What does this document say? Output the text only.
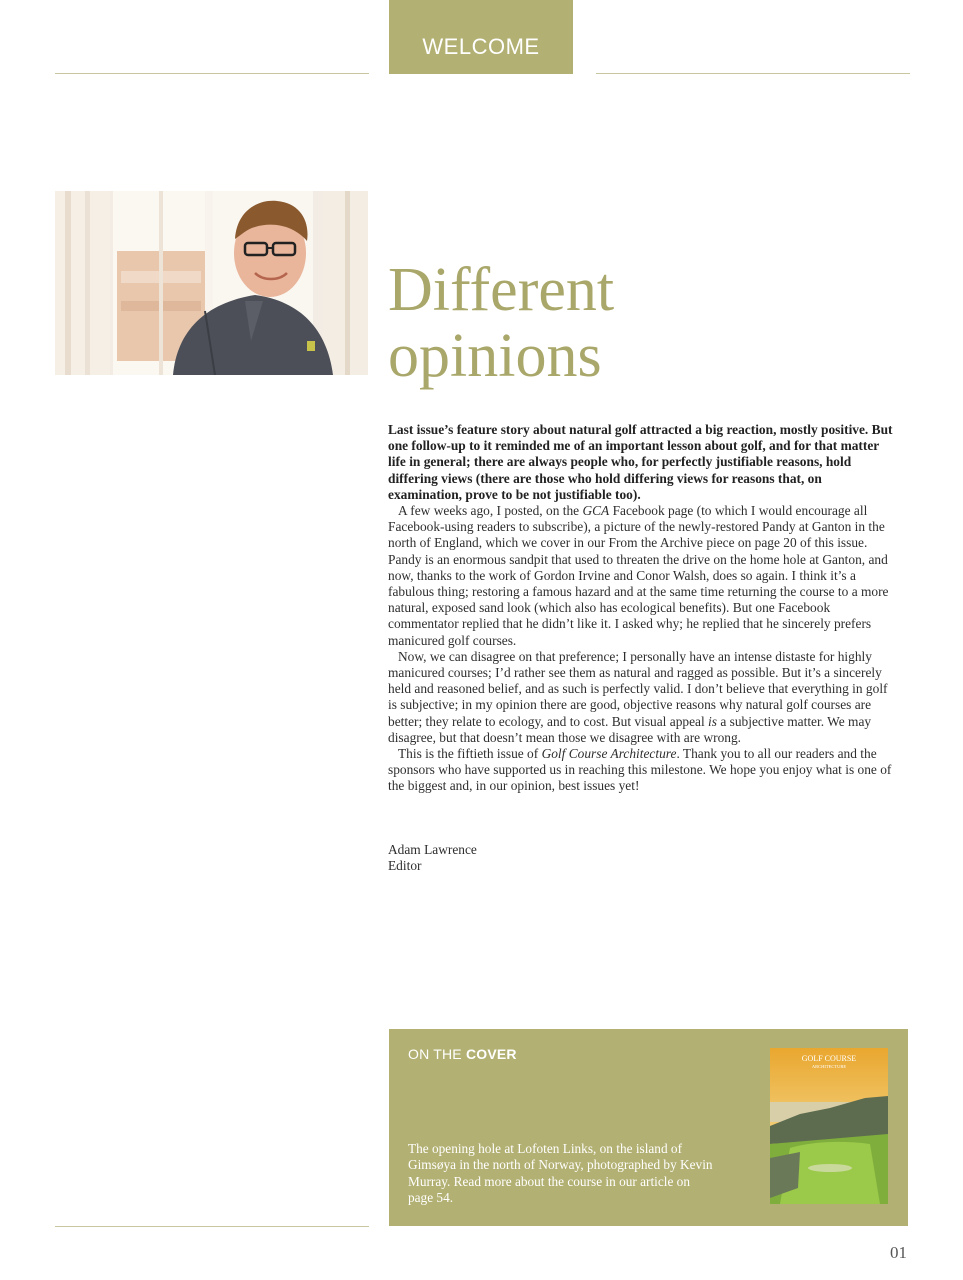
WELCOME
Different
opinions

Last issue’s feature story about natural golf attracted a big reaction, mostly positive. But one follow-up to it reminded me of an important lesson about golf, and for that matter life in general; there are always people who, for perfectly justifiable reasons, hold differing views (there are those who hold differing views for reasons that, on examination, prove to be not justifiable too).

A few weeks ago, I posted, on the GCA Facebook page (to which I would encourage all Facebook-using readers to subscribe), a picture of the newly-restored Pandy at Ganton in the north of England, which we cover in our From the Archive piece on page 20 of this issue. Pandy is an enormous sandpit that used to threaten the drive on the home hole at Ganton, and now, thanks to the work of Gordon Irvine and Conor Walsh, does so again. I think it’s a fabulous thing; restoring a famous hazard and at the same time returning the course to a more natural, exposed sand look (which also has ecological benefits). But one Facebook commentator replied that he didn’t like it. I asked why; he replied that he sincerely prefers manicured golf courses.

Now, we can disagree on that preference; I personally have an intense distaste for highly manicured courses; I’d rather see them as natural and ragged as possible. But it’s a sincerely held and reasoned belief, and as such is perfectly valid. I don’t believe that everything in golf is subjective; in my opinion there are good, objective reasons why natural golf courses are better; they relate to ecology, and to cost. But visual appeal is a subjective matter. We may disagree, but that doesn’t mean those we disagree with are wrong.

This is the fiftieth issue of Golf Course Architecture. Thank you to all our readers and the sponsors who have supported us in reaching this milestone. We hope you enjoy what is one of the biggest and, in our opinion, best issues yet!

Adam Lawrence
Editor
ON THE COVER
The opening hole at Lofoten Links, on the island of Gimsøya in the north of Norway, photographed by Kevin Murray. Read more about the course in our article on page 54.
GOLF COURSE
ARCHITECTURE
01
